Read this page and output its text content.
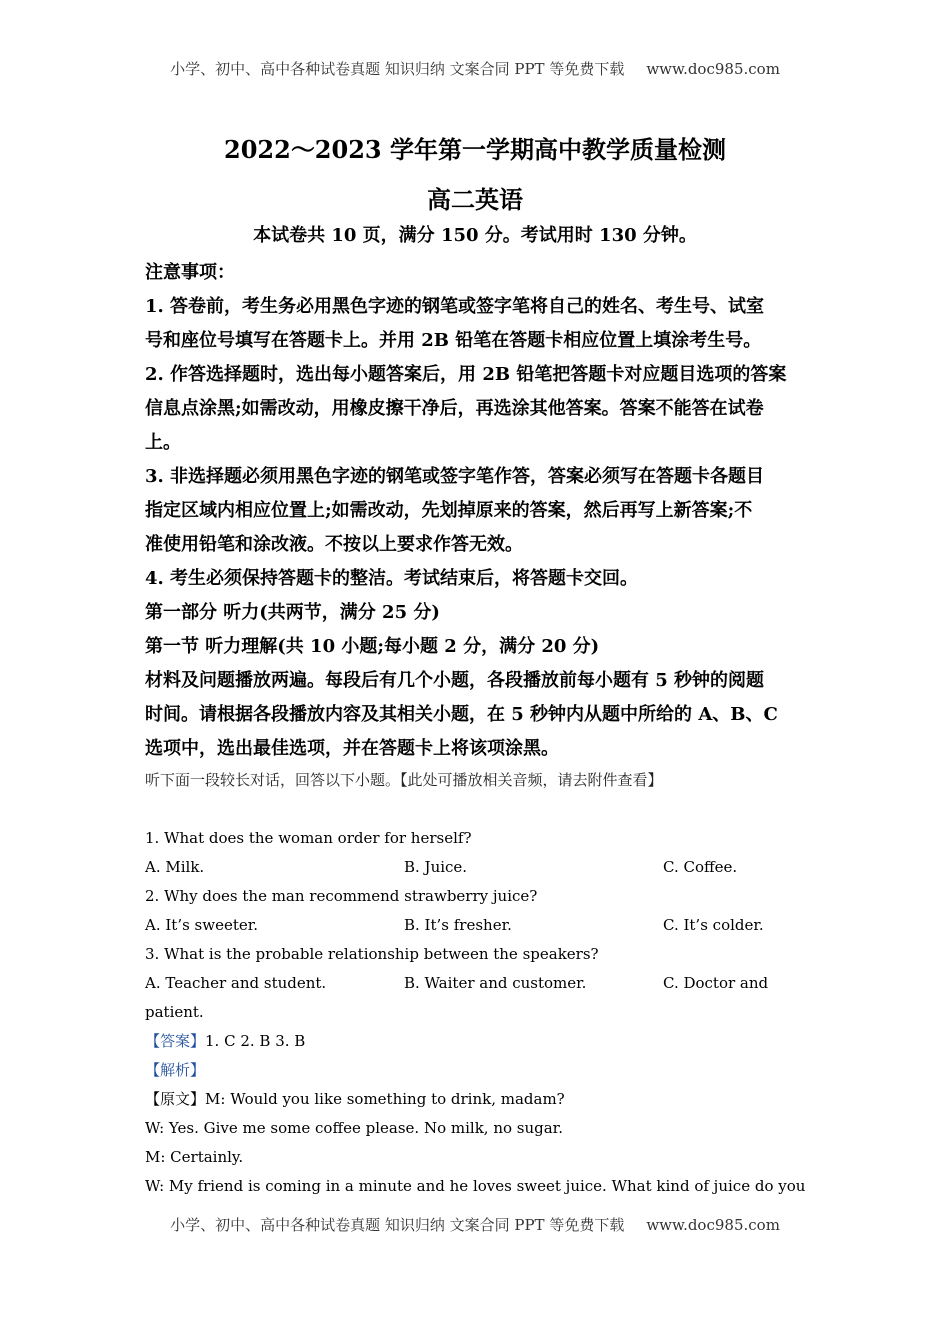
小学、初中、高中各种试卷真题 知识归纳 文案合同 PPT 等免费下载 www.doc985.com
2022～2023 学年第一学期高中教学质量检测
高二英语
本试卷共 10 页，满分 150 分。考试用时 130 分钟。

注意事项：

1. 答卷前，考生务必用黑色字迹的钢笔或签字笔将自己的姓名、考生号、试室

号和座位号填写在答题卡上。并用 2B 铅笔在答题卡相应位置上填涂考生号。

2. 作答选择题时，选出每小题答案后，用 2B 铅笔把答题卡对应题目选项的答案

信息点涂黑;如需改动，用橡皮擦干净后，再选涂其他答案。答案不能答在试卷

上。

3. 非选择题必须用黑色字迹的钢笔或签字笔作答，答案必须写在答题卡各题目

指定区域内相应位置上;如需改动，先划掉原来的答案，然后再写上新答案;不

准使用铅笔和涂改液。不按以上要求作答无效。

4. 考生必须保持答题卡的整洁。考试结束后，将答题卡交回。

第一部分 听力(共两节，满分 25 分)

第一节 听力理解(共 10 小题;每小题 2 分，满分 20 分)

材料及问题播放两遍。每段后有几个小题，各段播放前每小题有 5 秒钟的阅题

时间。请根据各段播放内容及其相关小题，在 5 秒钟内从题中所给的 A、B、C

选项中，选出最佳选项，并在答题卡上将该项涂黑。

听下面一段较长对话，回答以下小题。【此处可播放相关音频，请去附件查看】

1. What does the woman order for herself?

A. Milk.	B. Juice.	C. Coffee.

2. Why does the man recommend strawberry juice?

A. It’s sweeter.	B. It’s fresher.	C. It’s colder.

3. What is the probable relationship between the speakers?

A. Teacher and student.	B. Waiter and customer.	C. Doctor and

patient.

【答案】1. C 2. B 3. B

【解析】

【原文】M: Would you like something to drink, madam?

W: Yes. Give me some coffee please. No milk, no sugar.

M: Certainly.

W: My friend is coming in a minute and he loves sweet juice. What kind of juice do you

小学、初中、高中各种试卷真题 知识归纳 文案合同 PPT 等免费下载 www.doc985.com
